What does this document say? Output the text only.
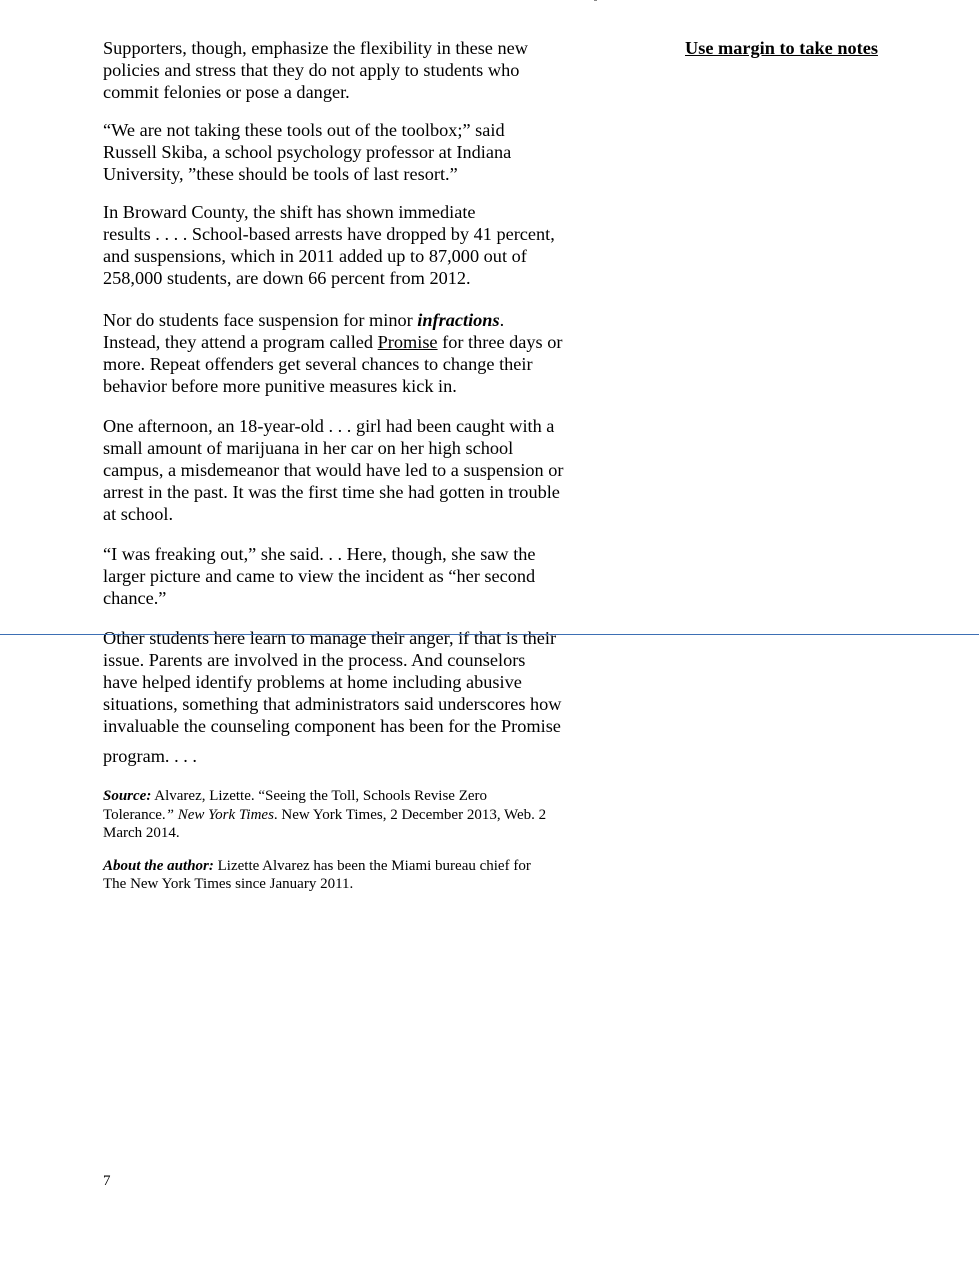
Use margin to take notes

Supporters, though, emphasize the flexibility in these new
policies and stress that they do not apply to students who
commit felonies or pose a danger.

“We are not taking these tools out of the toolbox;” said
Russell Skiba, a school psychology professor at Indiana
University, ”these should be tools of last resort.”

In Broward County, the shift has shown immediate
results . . . . School-based arrests have dropped by 41 percent,
and suspensions, which in 2011 added up to 87,000 out of
258,000 students, are down 66 percent from 2012.

Nor do students face suspension for minor infractions.
Instead, they attend a program called Promise for three days or
more. Repeat offenders get several chances to change their
behavior before more punitive measures kick in.

One afternoon, an 18-year-old . . . girl had been caught with a
small amount of marijuana in her car on her high school
campus, a misdemeanor that would have led to a suspension or
arrest in the past. It was the first time she had gotten in trouble
at school.

“I was freaking out,” she said. . . Here, though, she saw the
larger picture and came to view the incident as “her second
chance.”

Other students here learn to manage their anger, if that is their
issue. Parents are involved in the process. And counselors
have helped identify problems at home including abusive
situations, something that administrators said underscores how
invaluable the counseling component has been for the Promise
program. . . .

Source: Alvarez, Lizette. “Seeing the Toll, Schools Revise Zero
Tolerance.” New York Times. New York Times, 2 December 2013, Web. 2
March 2014.

About the author: Lizette Alvarez has been the Miami bureau chief for
The New York Times since January 2011.

7
